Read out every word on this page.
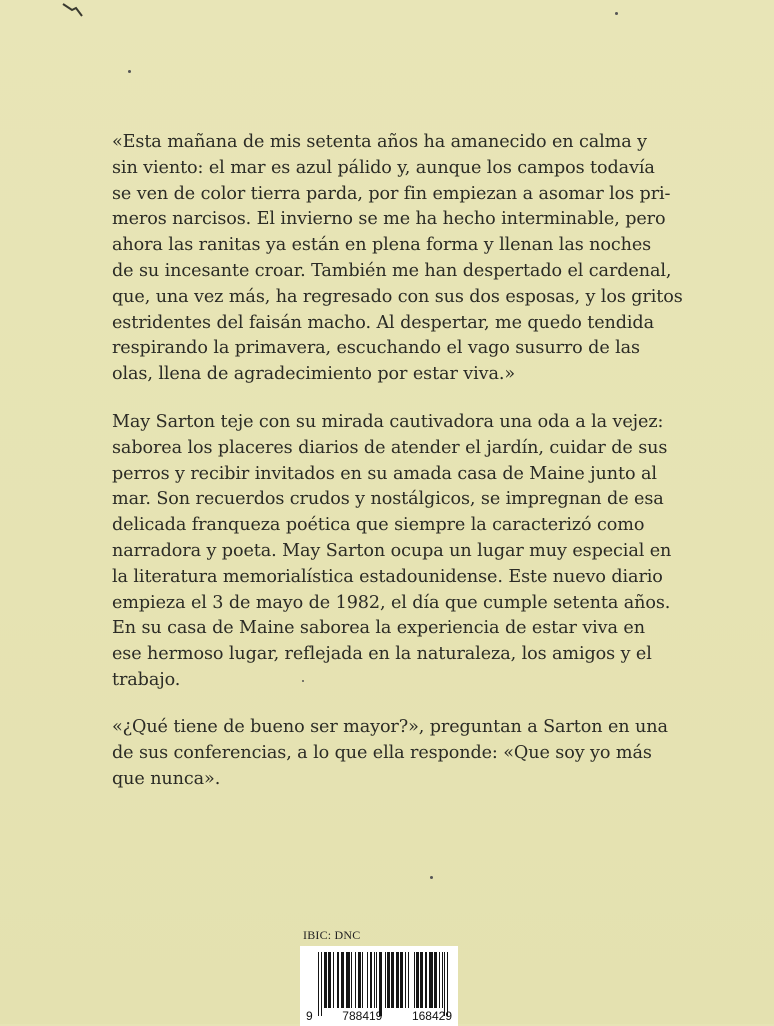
«Esta mañana de mis setenta años ha amanecido en calma y
sin viento: el mar es azul pálido y, aunque los campos todavía
se ven de color tierra parda, por fin empiezan a asomar los pri-
meros narcisos. El invierno se me ha hecho interminable, pero
ahora las ranitas ya están en plena forma y llenan las noches
de su incesante croar. También me han despertado el cardenal,
que, una vez más, ha regresado con sus dos esposas, y los gritos
estridentes del faisán macho. Al despertar, me quedo tendida
respirando la primavera, escuchando el vago susurro de las
olas, llena de agradecimiento por estar viva.»
May Sarton teje con su mirada cautivadora una oda a la vejez:
saborea los placeres diarios de atender el jardín, cuidar de sus
perros y recibir invitados en su amada casa de Maine junto al
mar. Son recuerdos crudos y nostálgicos, se impregnan de esa
delicada franqueza poética que siempre la caracterizó como
narradora y poeta. May Sarton ocupa un lugar muy especial en
la literatura memorialística estadounidense. Este nuevo diario
empieza el 3 de mayo de 1982, el día que cumple setenta años.
En su casa de Maine saborea la experiencia de estar viva en
ese hermoso lugar, reflejada en la naturaleza, los amigos y el
trabajo.
«¿Qué tiene de bueno ser mayor?», preguntan a Sarton en una
de sus conferencias, a lo que ella responde: «Que soy yo más
que nunca».
IBIC: DNC
9 788419 168429
